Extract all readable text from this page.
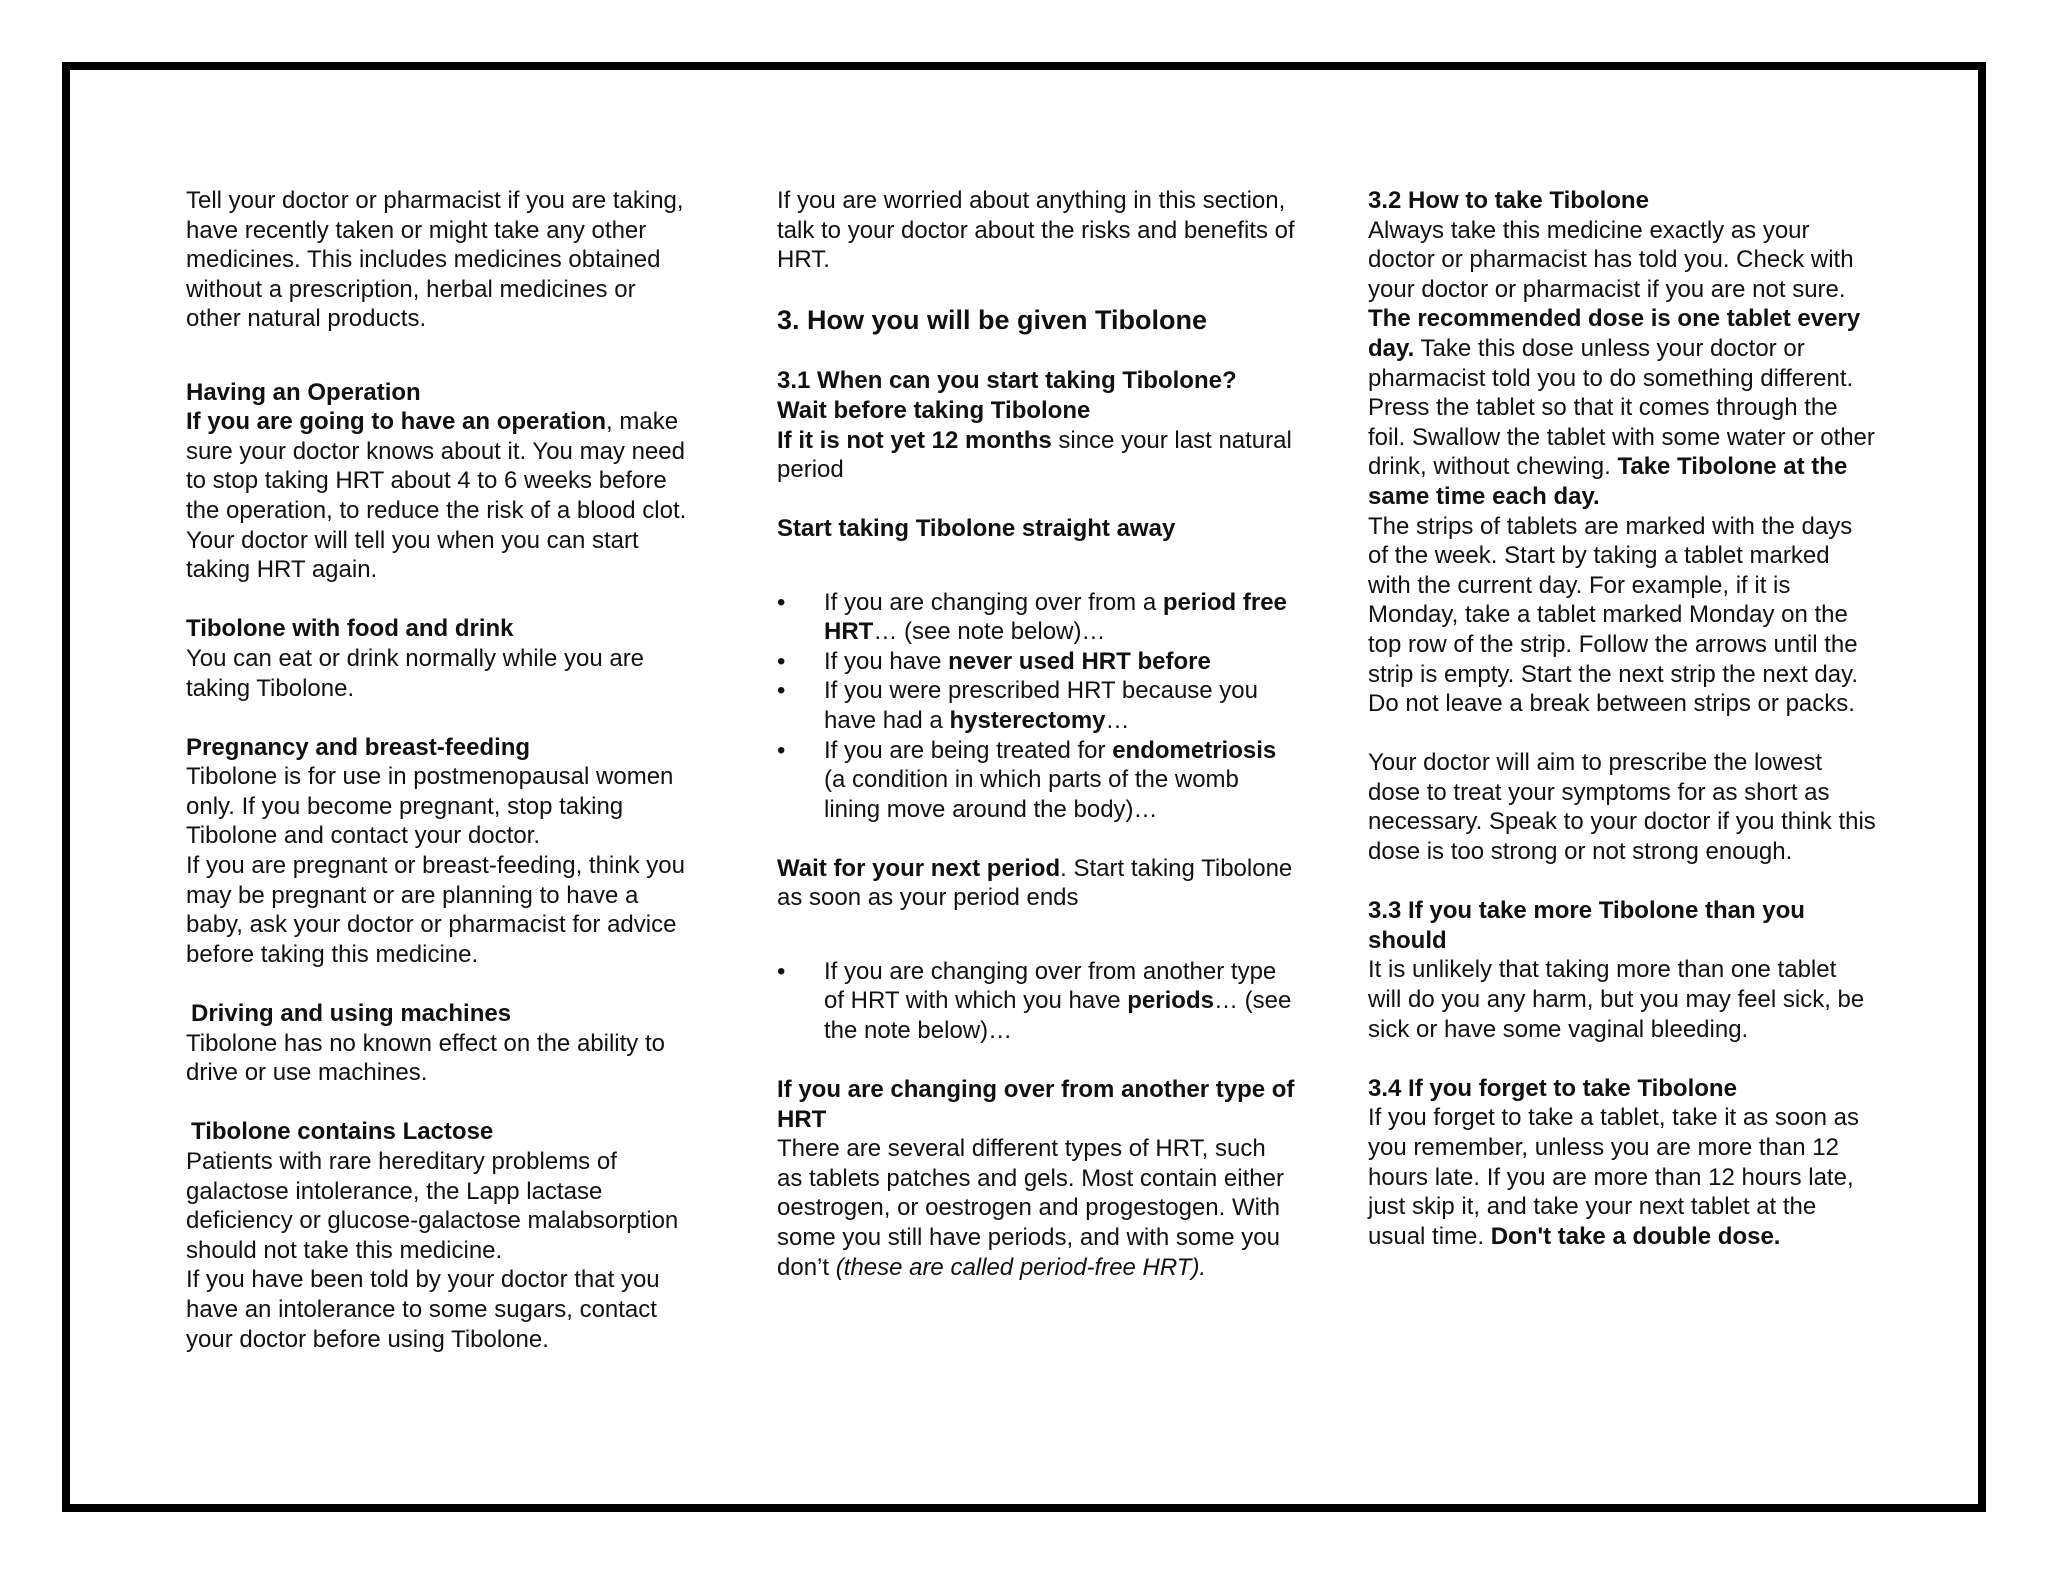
Tell your doctor or pharmacist if you are taking, have recently taken or might take any other medicines. This includes medicines obtained without a prescription, herbal medicines or other natural products.

Having an Operation

If you are going to have an operation, make sure your doctor knows about it. You may need to stop taking HRT about 4 to 6 weeks before the operation, to reduce the risk of a blood clot. Your doctor will tell you when you can start taking HRT again.

Tibolone with food and drink

You can eat or drink normally while you are taking Tibolone.

Pregnancy and breast-feeding

Tibolone is for use in postmenopausal women only. If you become pregnant, stop taking Tibolone and contact your doctor.

If you are pregnant or breast-feeding, think you may be pregnant or are planning to have a baby, ask your doctor or pharmacist for advice before taking this medicine.

Driving and using machines

Tibolone has no known effect on the ability to drive or use machines.

Tibolone contains Lactose

Patients with rare hereditary problems of galactose intolerance, the Lapp lactase deficiency or glucose-galactose malabsorption should not take this medicine.

If you have been told by your doctor that you have an intolerance to some sugars, contact your doctor before using Tibolone.

If you are worried about anything in this section, talk to your doctor about the risks and benefits of HRT.

3. How you will be given Tibolone

3.1 When can you start taking Tibolone?

Wait before taking Tibolone

If it is not yet 12 months since your last natural period

Start taking Tibolone straight away

• If you are changing over from a period free HRT… (see note below)…
• If you have never used HRT before
• If you were prescribed HRT because you have had a hysterectomy…
• If you are being treated for endometriosis (a condition in which parts of the womb lining move around the body)…

Wait for your next period. Start taking Tibolone as soon as your period ends

• If you are changing over from another type of HRT with which you have periods… (see the note below)…

If you are changing over from another type of HRT

There are several different types of HRT, such as tablets patches and gels. Most contain either oestrogen, or oestrogen and progestogen. With some you still have periods, and with some you don’t (these are called period-free HRT).

3.2 How to take Tibolone

Always take this medicine exactly as your doctor or pharmacist has told you. Check with your doctor or pharmacist if you are not sure.

The recommended dose is one tablet every day. Take this dose unless your doctor or pharmacist told you to do something different.

Press the tablet so that it comes through the foil. Swallow the tablet with some water or other drink, without chewing. Take Tibolone at the same time each day.

The strips of tablets are marked with the days of the week. Start by taking a tablet marked with the current day. For example, if it is Monday, take a tablet marked Monday on the top row of the strip. Follow the arrows until the strip is empty. Start the next strip the next day. Do not leave a break between strips or packs.

Your doctor will aim to prescribe the lowest dose to treat your symptoms for as short as necessary. Speak to your doctor if you think this dose is too strong or not strong enough.

3.3 If you take more Tibolone than you should

It is unlikely that taking more than one tablet will do you any harm, but you may feel sick, be sick or have some vaginal bleeding.

3.4 If you forget to take Tibolone

If you forget to take a tablet, take it as soon as you remember, unless you are more than 12 hours late. If you are more than 12 hours late, just skip it, and take your next tablet at the usual time. Don't take a double dose.
